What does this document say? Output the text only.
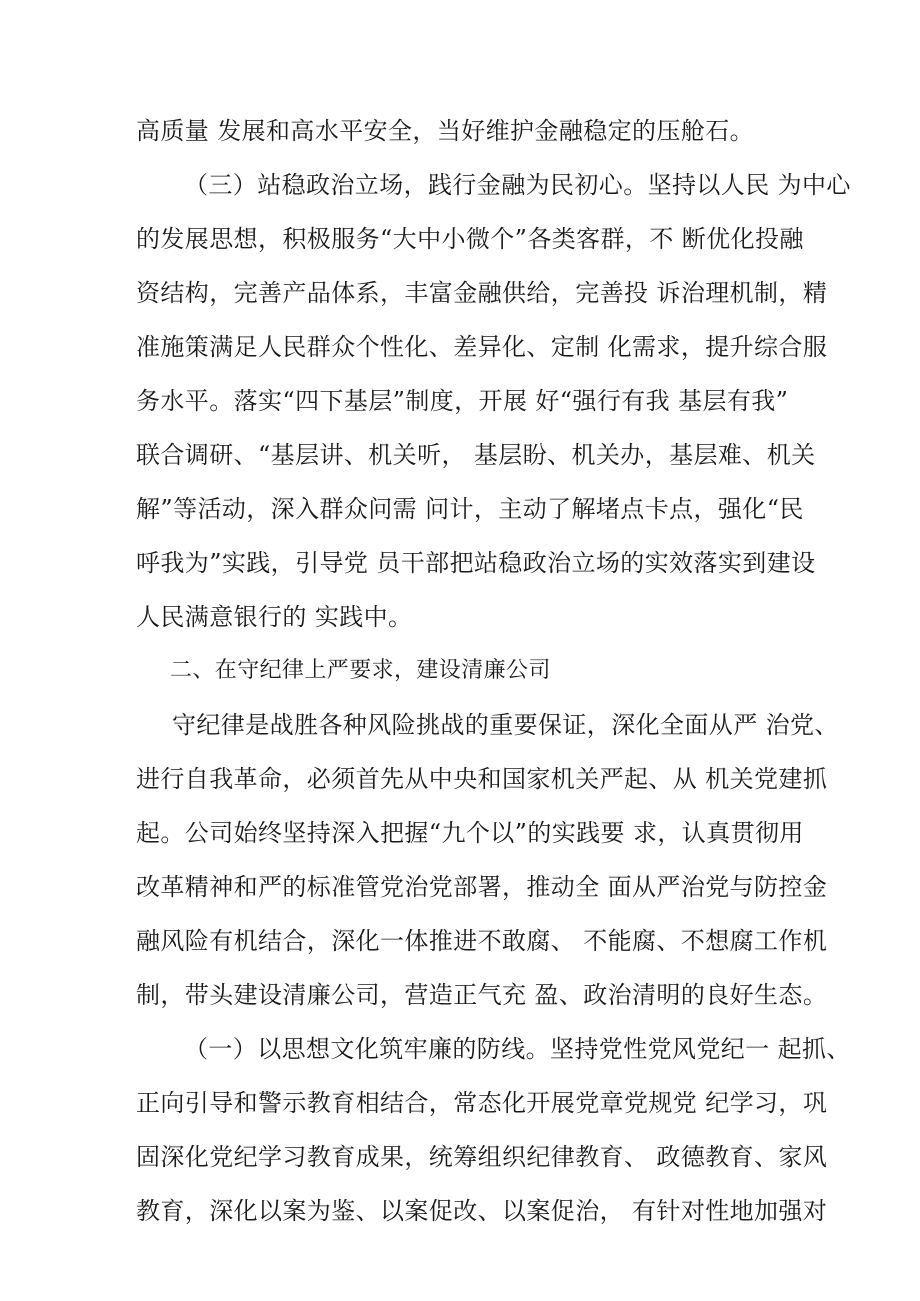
高质量 发展和高水平安全，当好维护金融稳定的压舱石。
（三）站稳政治立场，践行金融为民初心。坚持以人民 为中心
的发展思想，积极服务“大中小微个”各类客群，不 断优化投融
资结构，完善产品体系，丰富金融供给，完善投 诉治理机制，精
准施策满足人民群众个性化、差异化、定制 化需求，提升综合服
务水平。落实“四下基层”制度，开展 好“强行有我 基层有我”
联合调研、“基层讲、机关听， 基层盼、机关办，基层难、机关
解”等活动，深入群众问需 问计，主动了解堵点卡点，强化“民
呼我为”实践，引导党 员干部把站稳政治立场的实效落实到建设
人民满意银行的 实践中。
二、在守纪律上严要求，建设清廉公司
守纪律是战胜各种风险挑战的重要保证，深化全面从严 治党、
进行自我革命，必须首先从中央和国家机关严起、从 机关党建抓
起。公司始终坚持深入把握“九个以”的实践要 求，认真贯彻用
改革精神和严的标准管党治党部署，推动全 面从严治党与防控金
融风险有机结合，深化一体推进不敢腐、 不能腐、不想腐工作机
制，带头建设清廉公司，营造正气充 盈、政治清明的良好生态。
（一）以思想文化筑牢廉的防线。坚持党性党风党纪一 起抓、
正向引导和警示教育相结合，常态化开展党章党规党 纪学习，巩
固深化党纪学习教育成果，统筹组织纪律教育、 政德教育、家风
教育，深化以案为鉴、以案促改、以案促治， 有针对性地加强对
